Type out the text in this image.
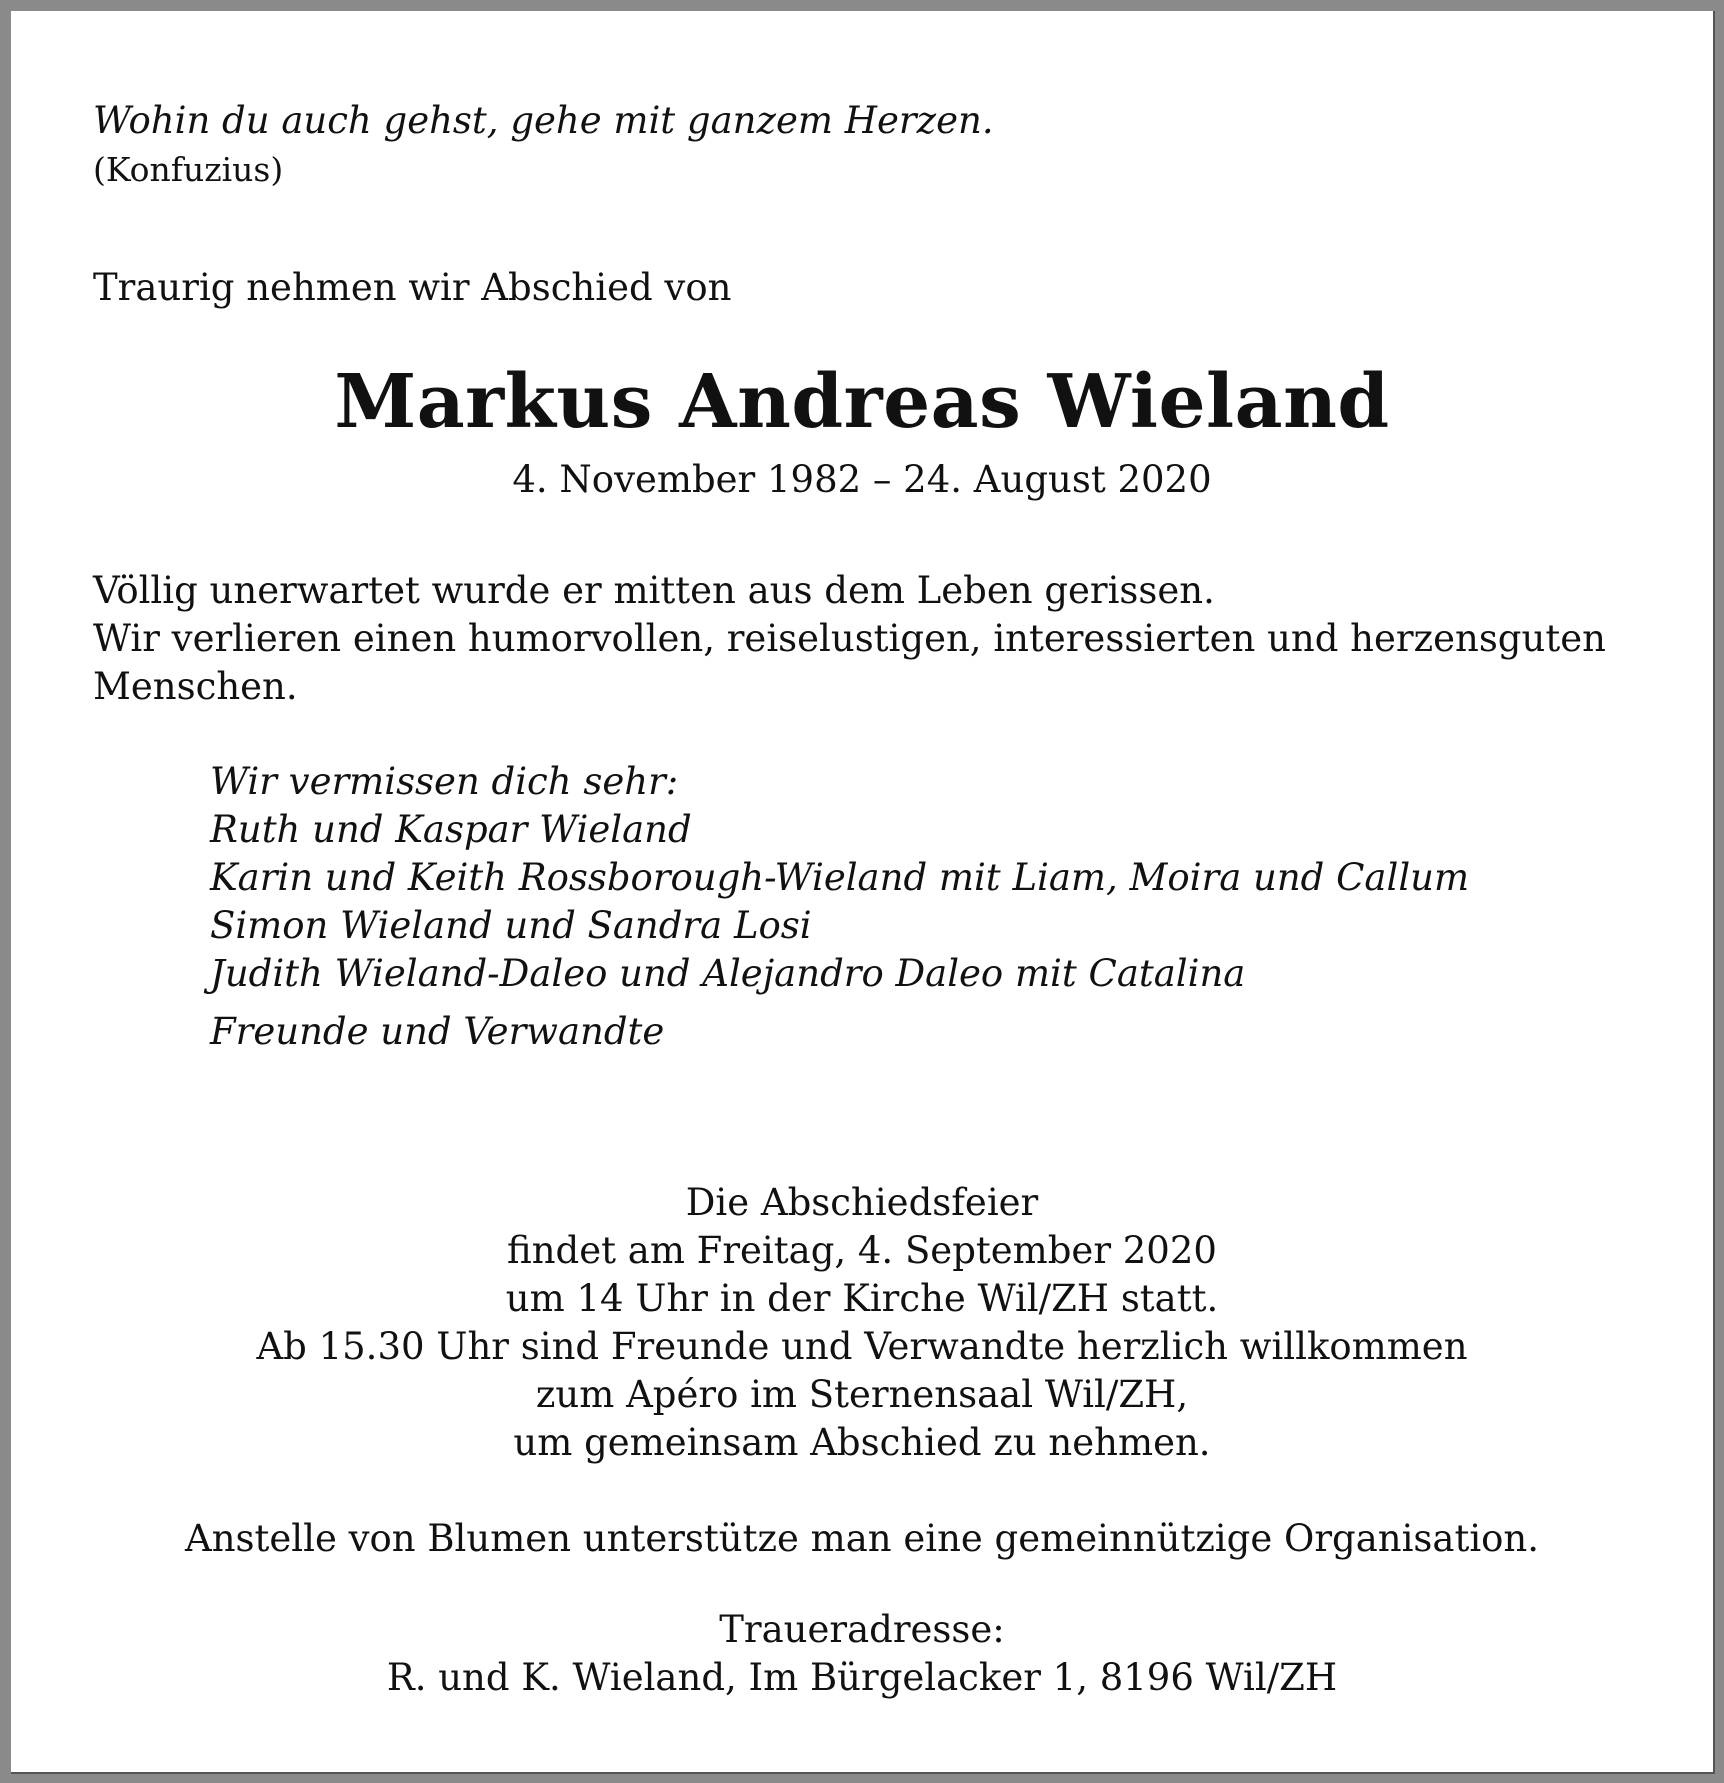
Wohin du auch gehst, gehe mit ganzem Herzen.
(Konfuzius)
Traurig nehmen wir Abschied von
Markus Andreas Wieland
4. November 1982 – 24. August 2020
Völlig unerwartet wurde er mitten aus dem Leben gerissen.
Wir verlieren einen humorvollen, reiselustigen, interessierten und herzensguten
Menschen.
Wir vermissen dich sehr:
Ruth und Kaspar Wieland
Karin und Keith Rossborough-Wieland mit Liam, Moira und Callum
Simon Wieland und Sandra Losi
Judith Wieland-Daleo und Alejandro Daleo mit Catalina
Freunde und Verwandte
Die Abschiedsfeier
findet am Freitag, 4. September 2020
um 14 Uhr in der Kirche Wil/ZH statt.
Ab 15.30 Uhr sind Freunde und Verwandte herzlich willkommen
zum Apéro im Sternensaal Wil/ZH,
um gemeinsam Abschied zu nehmen.
Anstelle von Blumen unterstütze man eine gemeinnützige Organisation.
Traueradresse:
R. und K. Wieland, Im Bürgelacker 1, 8196 Wil/ZH
